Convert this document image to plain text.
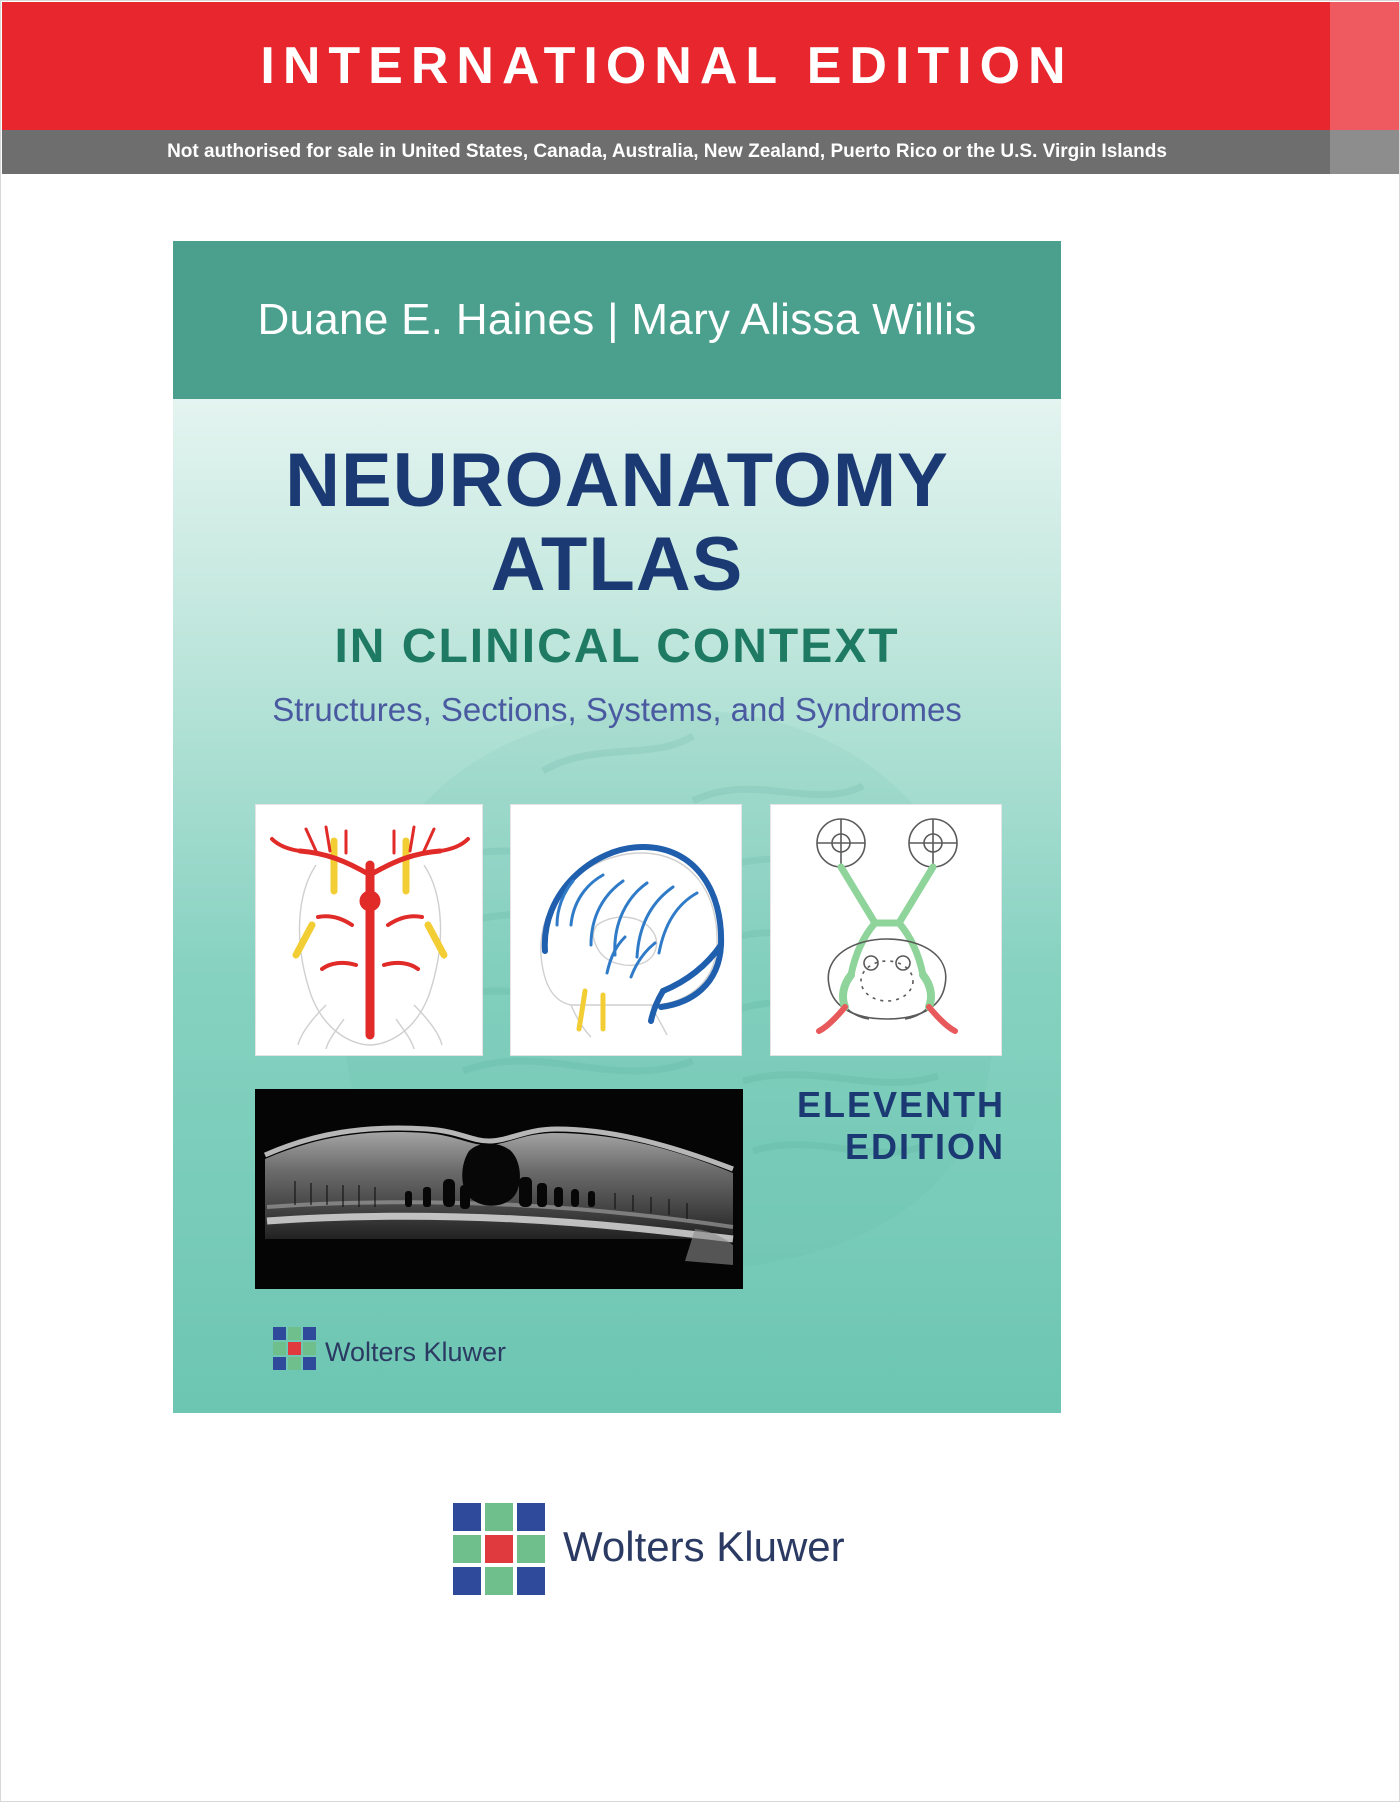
INTERNATIONAL EDITION
Not authorised for sale in United States, Canada, Australia, New Zealand, Puerto Rico or the U.S. Virgin Islands
Duane E. Haines | Mary Alissa Willis
NEUROANATOMY ATLAS
IN CLINICAL CONTEXT
Structures, Sections, Systems, and Syndromes
ELEVENTH EDITION
Wolters Kluwer
Wolters Kluwer
